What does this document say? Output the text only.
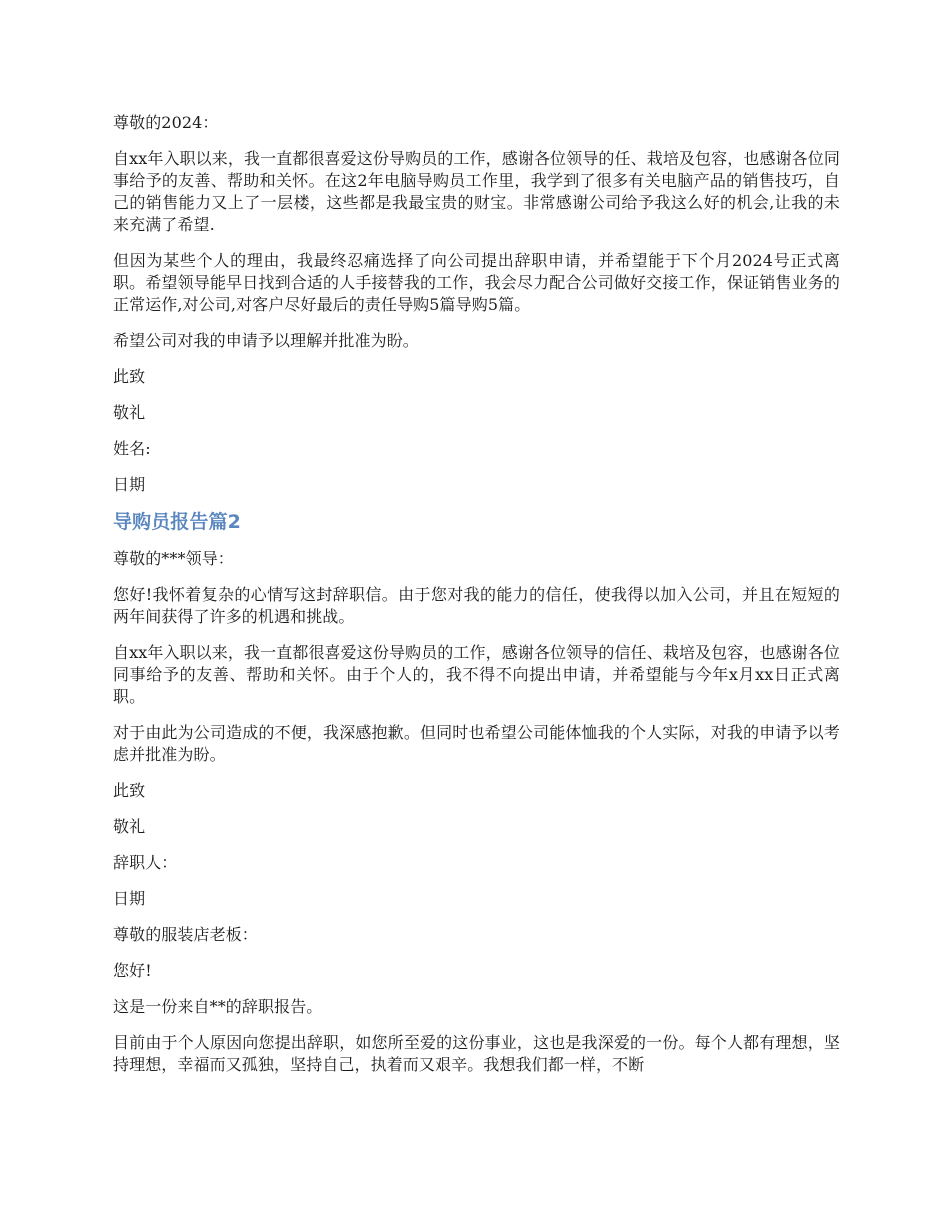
尊敬的2024：

自xx年入职以来，我一直都很喜爱这份导购员的工作，感谢各位领导的任、栽培及包容，也感谢各位同事给予的友善、帮助和关怀。在这2年电脑导购员工作里，我学到了很多有关电脑产品的销售技巧，自己的销售能力又上了一层楼，这些都是我最宝贵的财宝。非常感谢公司给予我这么好的机会,让我的未来充满了希望.

但因为某些个人的理由，我最终忍痛选择了向公司提出辞职申请，并希望能于下个月2024号正式离职。希望领导能早日找到合适的人手接替我的工作，我会尽力配合公司做好交接工作，保证销售业务的正常运作,对公司,对客户尽好最后的责任导购5篇导购5篇。

希望公司对我的申请予以理解并批准为盼。

此致

敬礼

姓名:

日期

导购员报告篇2

尊敬的***领导：

您好!我怀着复杂的心情写这封辞职信。由于您对我的能力的信任，使我得以加入公司，并且在短短的两年间获得了许多的机遇和挑战。

自xx年入职以来，我一直都很喜爱这份导购员的工作，感谢各位领导的信任、栽培及包容，也感谢各位同事给予的友善、帮助和关怀。由于个人的，我不得不向提出申请，并希望能与今年x月xx日正式离职。

对于由此为公司造成的不便，我深感抱歉。但同时也希望公司能体恤我的个人实际，对我的申请予以考虑并批准为盼。

此致

敬礼

辞职人：

日期

尊敬的服装店老板：

您好!

这是一份来自**的辞职报告。

目前由于个人原因向您提出辞职，如您所至爱的这份事业，这也是我深爱的一份。每个人都有理想，坚持理想，幸福而又孤独，坚持自己，执着而又艰辛。我想我们都一样，不断
